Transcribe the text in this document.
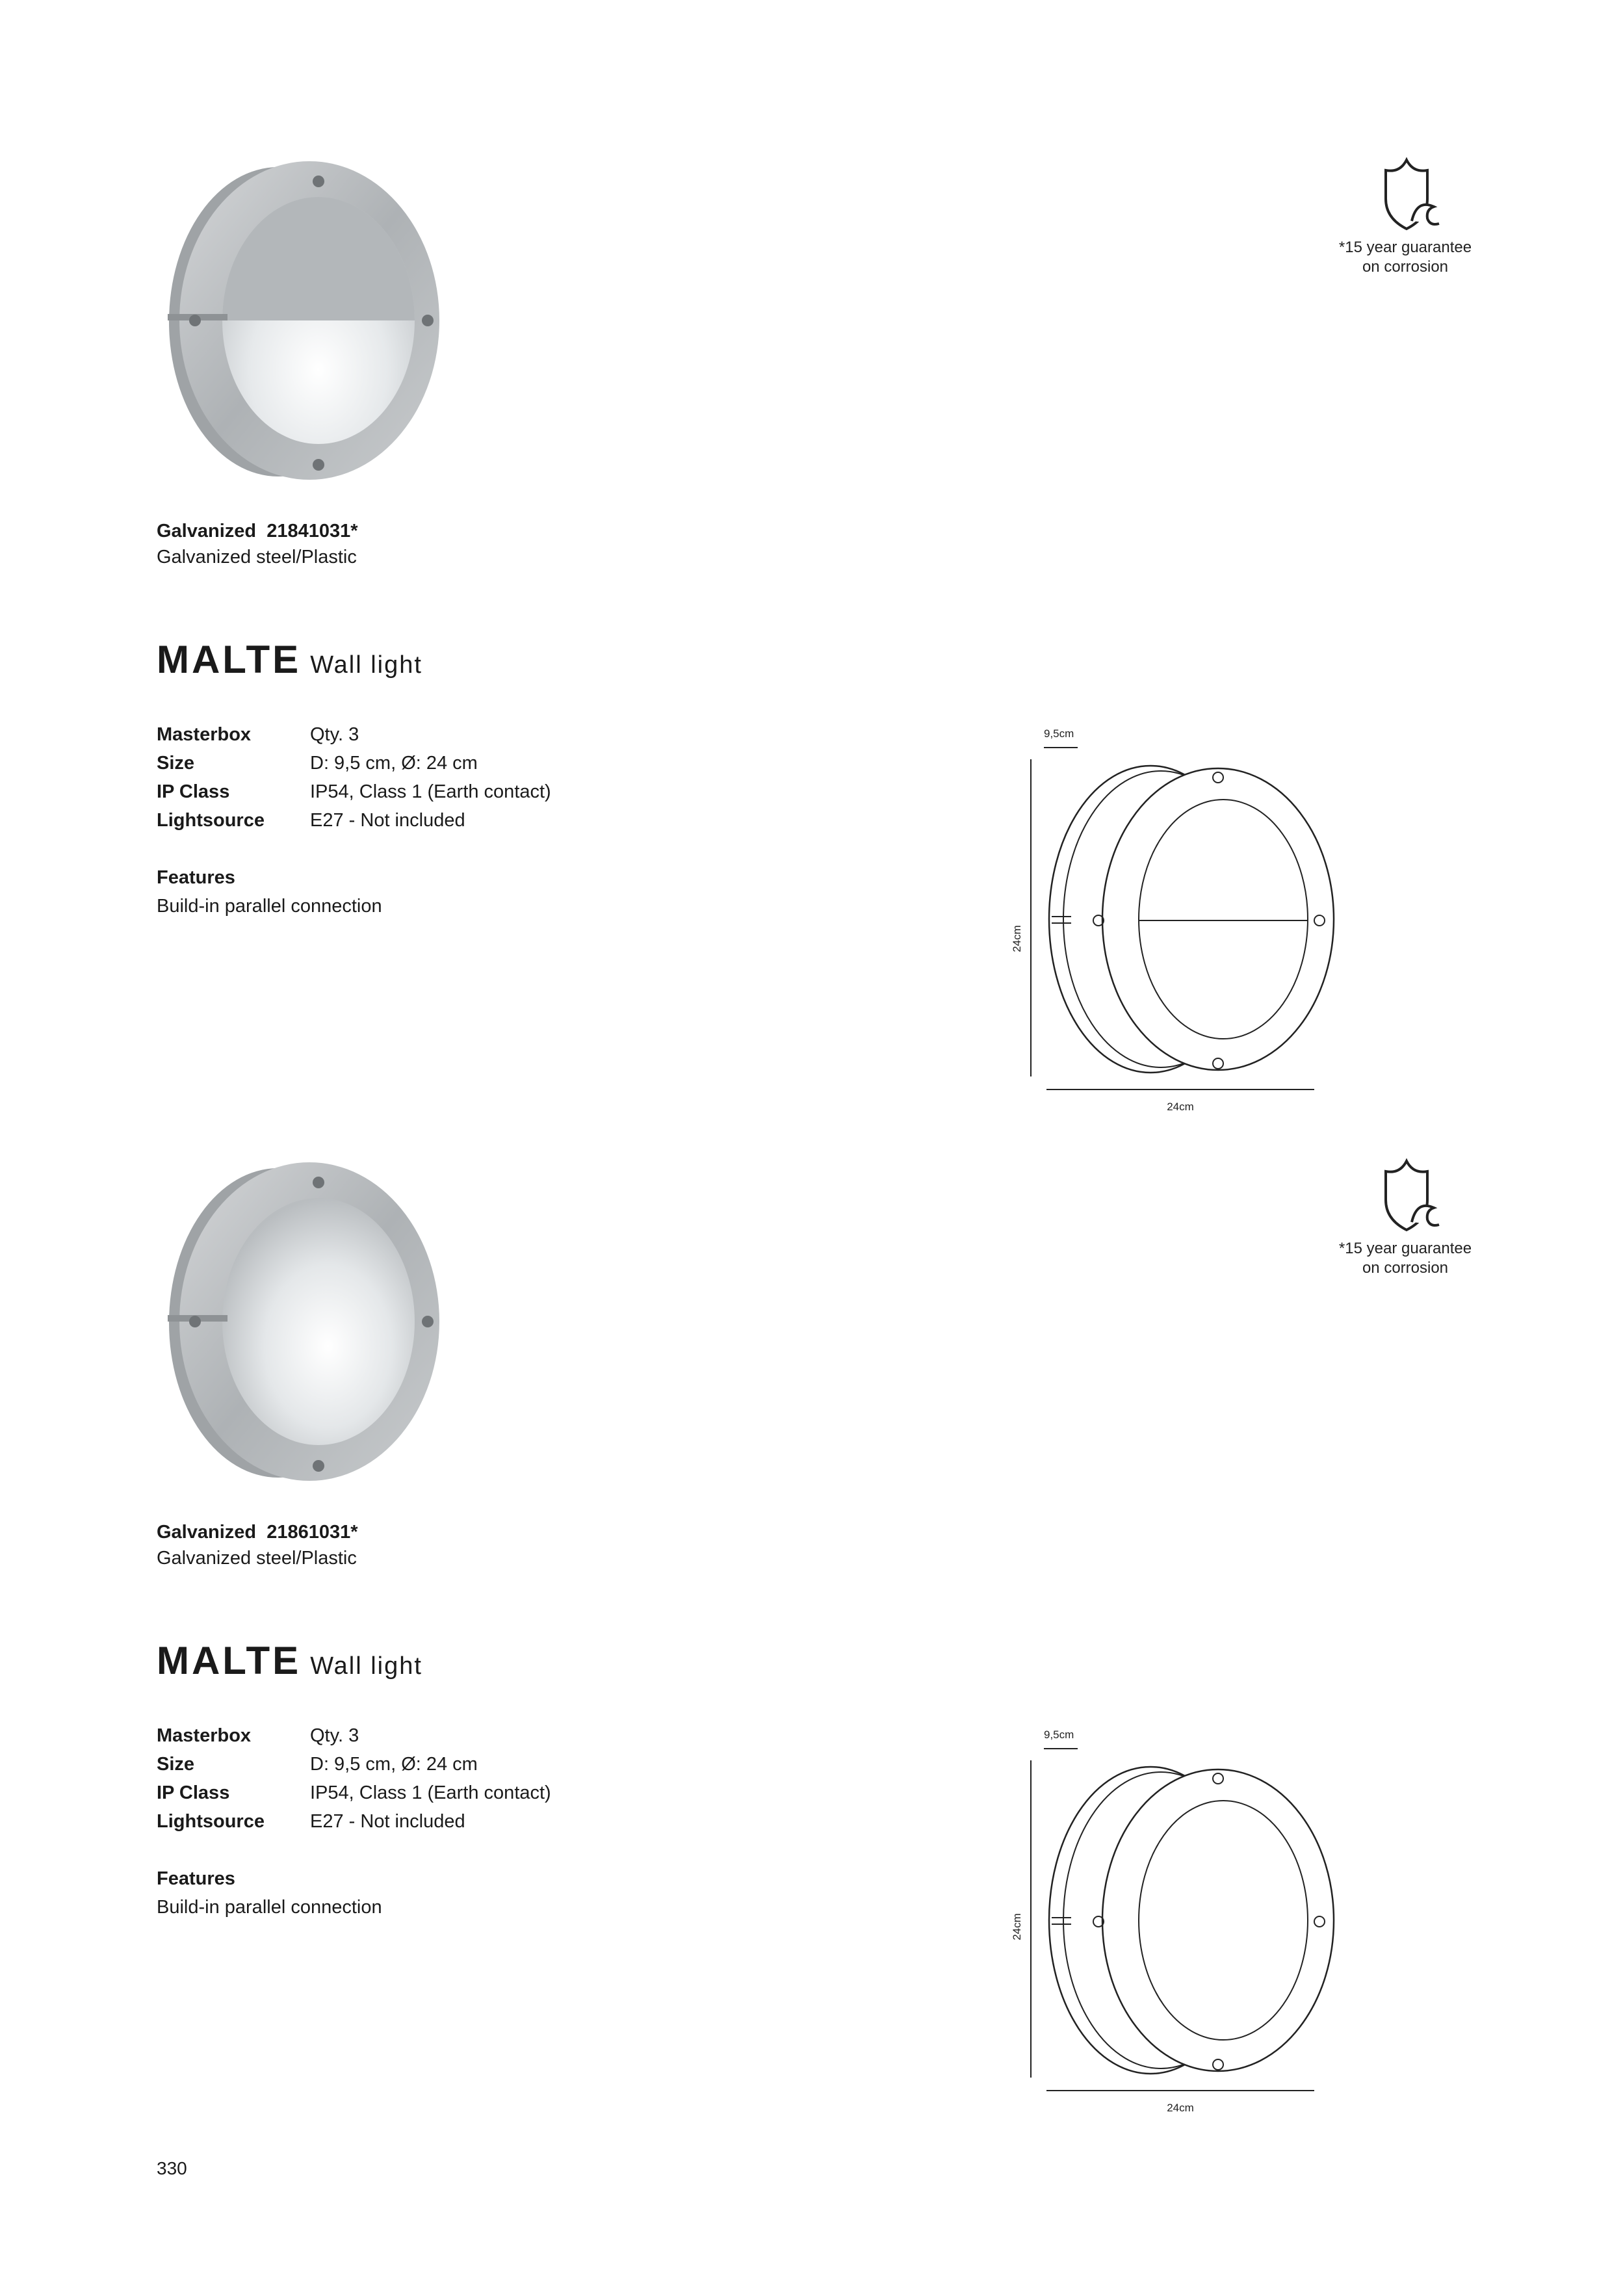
*15 year guarantee
on corrosion
Galvanized 21841031*
Galvanized steel/Plastic
MALTE Wall light
Masterbox	Qty. 3
Size	D: 9,5 cm, Ø: 24 cm
IP Class	IP54, Class 1 (Earth contact)
Lightsource E27 - Not included
Features
Build-in parallel connection
9,5cm
24cm
24cm
*15 year guarantee
on corrosion
Galvanized 21861031*
Galvanized steel/Plastic
MALTE Wall light
Masterbox	Qty. 3
Size	D: 9,5 cm, Ø: 24 cm
IP Class	IP54, Class 1 (Earth contact)
Lightsource E27 - Not included
Features
Build-in parallel connection
9,5cm
24cm
24cm
330
